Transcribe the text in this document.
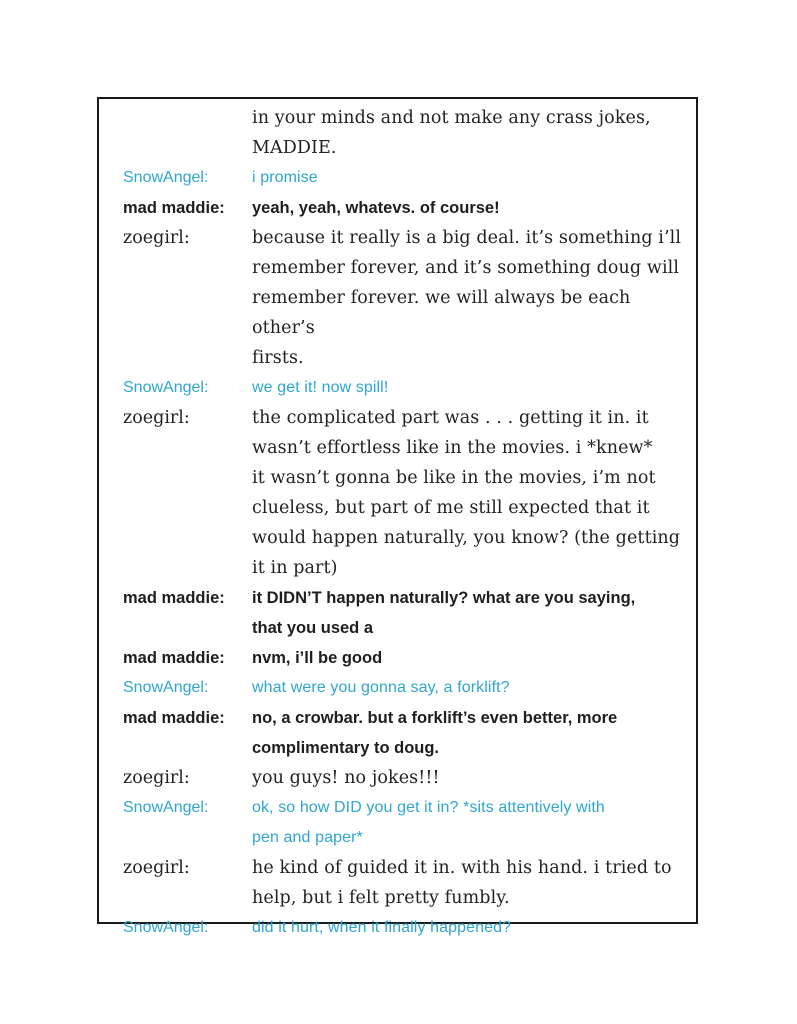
in your minds and not make any crass jokes,
MADDIE.
SnowAngel:	i promise
mad maddie:	yeah, yeah, whatevs. of course!
zoegirl:	because it really is a big deal. it’s something i’ll
remember forever, and it’s something doug will
remember forever. we will always be each other’s
firsts.
SnowAngel:	we get it! now spill!
zoegirl:	the complicated part was . . . getting it in. it
wasn’t effortless like in the movies. i *knew*
it wasn’t gonna be like in the movies, i’m not
clueless, but part of me still expected that it
would happen naturally, you know? (the getting
it in part)
mad maddie:	it DIDN’T happen naturally? what are you saying,
that you used a
mad maddie:	nvm, i’ll be good
SnowAngel:	what were you gonna say, a forklift?
mad maddie:	no, a crowbar. but a forklift’s even better, more
complimentary to doug.
zoegirl:	you guys! no jokes!!!
SnowAngel:	ok, so how DID you get it in? *sits attentively with
pen and paper*
zoegirl:	he kind of guided it in. with his hand. i tried to
help, but i felt pretty fumbly.
SnowAngel:	did it hurt, when it finally happened?
